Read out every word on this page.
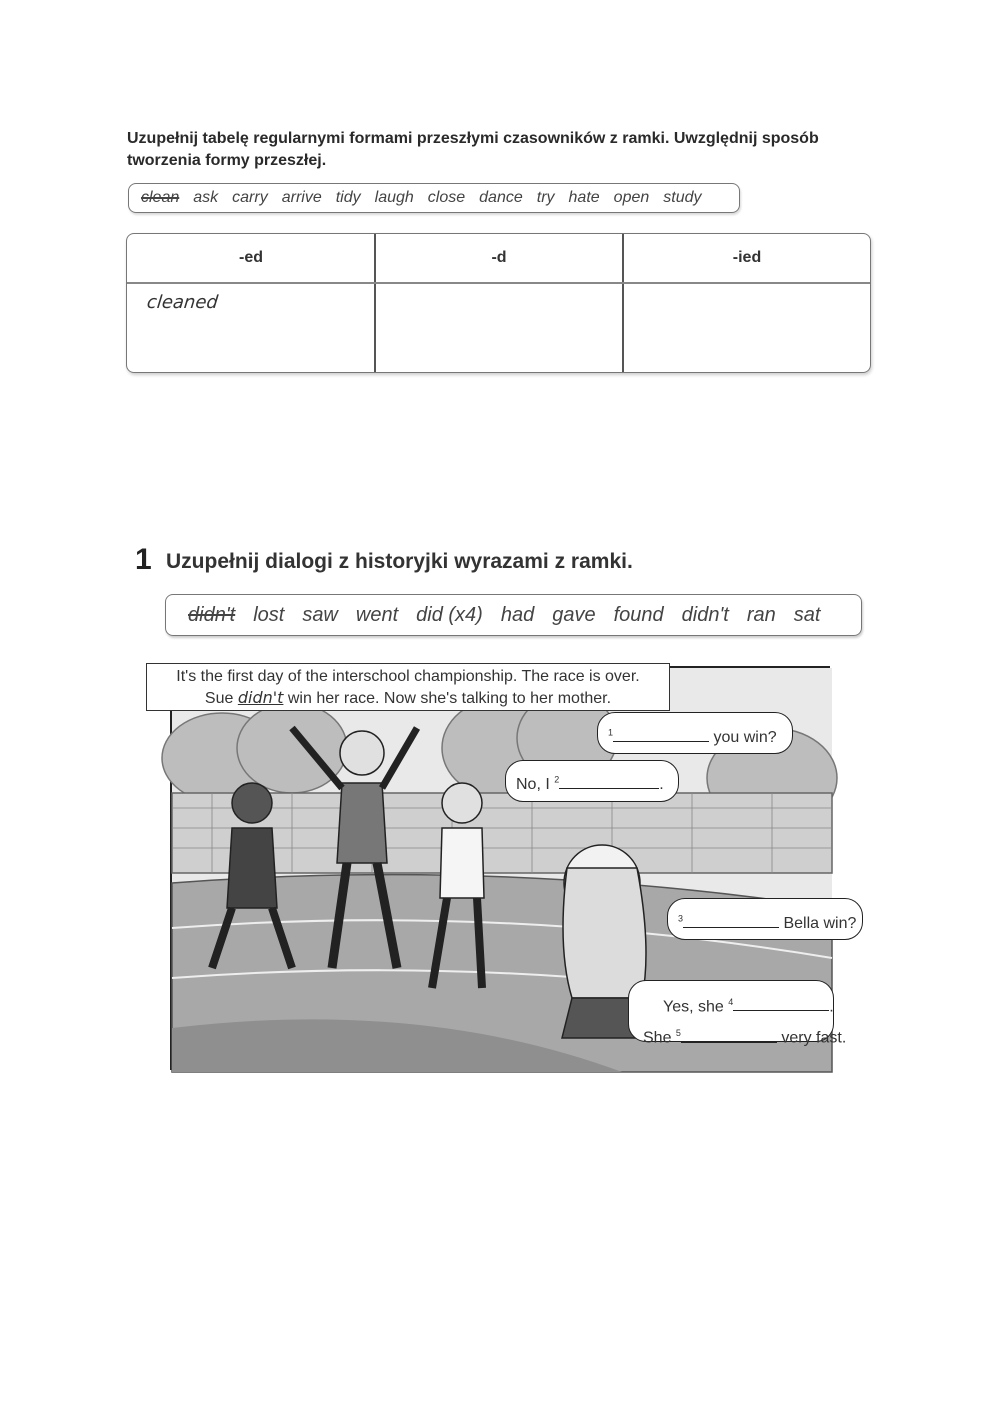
Uzupełnij tabelę regularnymi formami przeszłymi czasowników z ramki. Uwzględnij sposób tworzenia formy przeszłej.
clean ask carry arrive tidy laugh close dance try hate open study
-ed	-d	-ied
cleaned
1 Uzupełnij dialogi z historyjki wyrazami z ramki.
didn't lost saw went did (x4) had gave found didn't ran sat
$^1$	you win?
No, I $^2$	.
$^3$	Bella win?
Yes, she $^4$	.
She $^5$	very fast.
It's the first day of the interschool championship. The race is over.
Sue didn't win her race. Now she's talking to her mother.
